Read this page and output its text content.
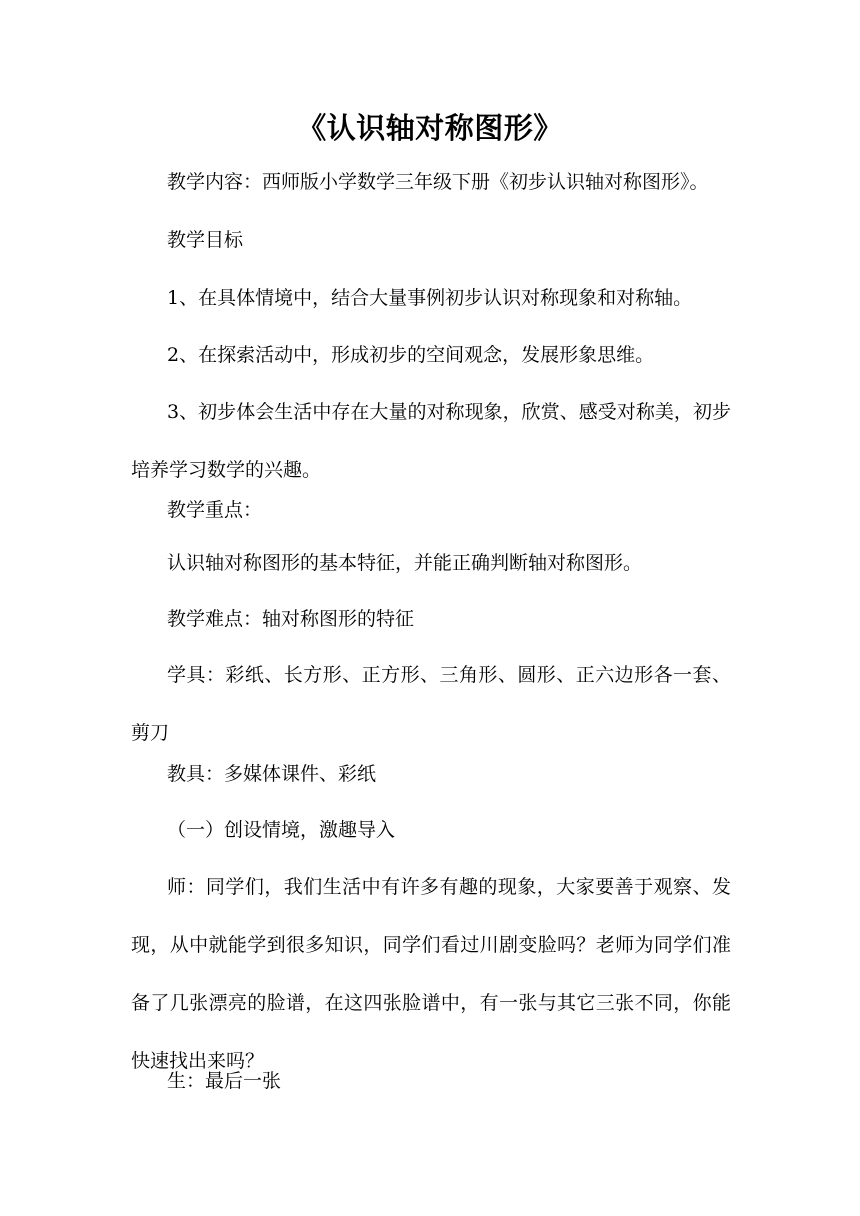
《认识轴对称图形》

教学内容：西师版小学数学三年级下册《初步认识轴对称图形》。

教学目标

1、在具体情境中，结合大量事例初步认识对称现象和对称轴。

2、在探索活动中，形成初步的空间观念，发展形象思维。

3、初步体会生活中存在大量的对称现象，欣赏、感受对称美，初步培养学习数学的兴趣。

教学重点：

认识轴对称图形的基本特征，并能正确判断轴对称图形。

教学难点：轴对称图形的特征

学具：彩纸、长方形、正方形、三角形、圆形、正六边形各一套、剪刀

教具：多媒体课件、彩纸

（一）创设情境，激趣导入

师：同学们，我们生活中有许多有趣的现象，大家要善于观察、发现，从中就能学到很多知识，同学们看过川剧变脸吗？老师为同学们准备了几张漂亮的脸谱，在这四张脸谱中，有一张与其它三张不同，你能快速找出来吗？

生：最后一张
